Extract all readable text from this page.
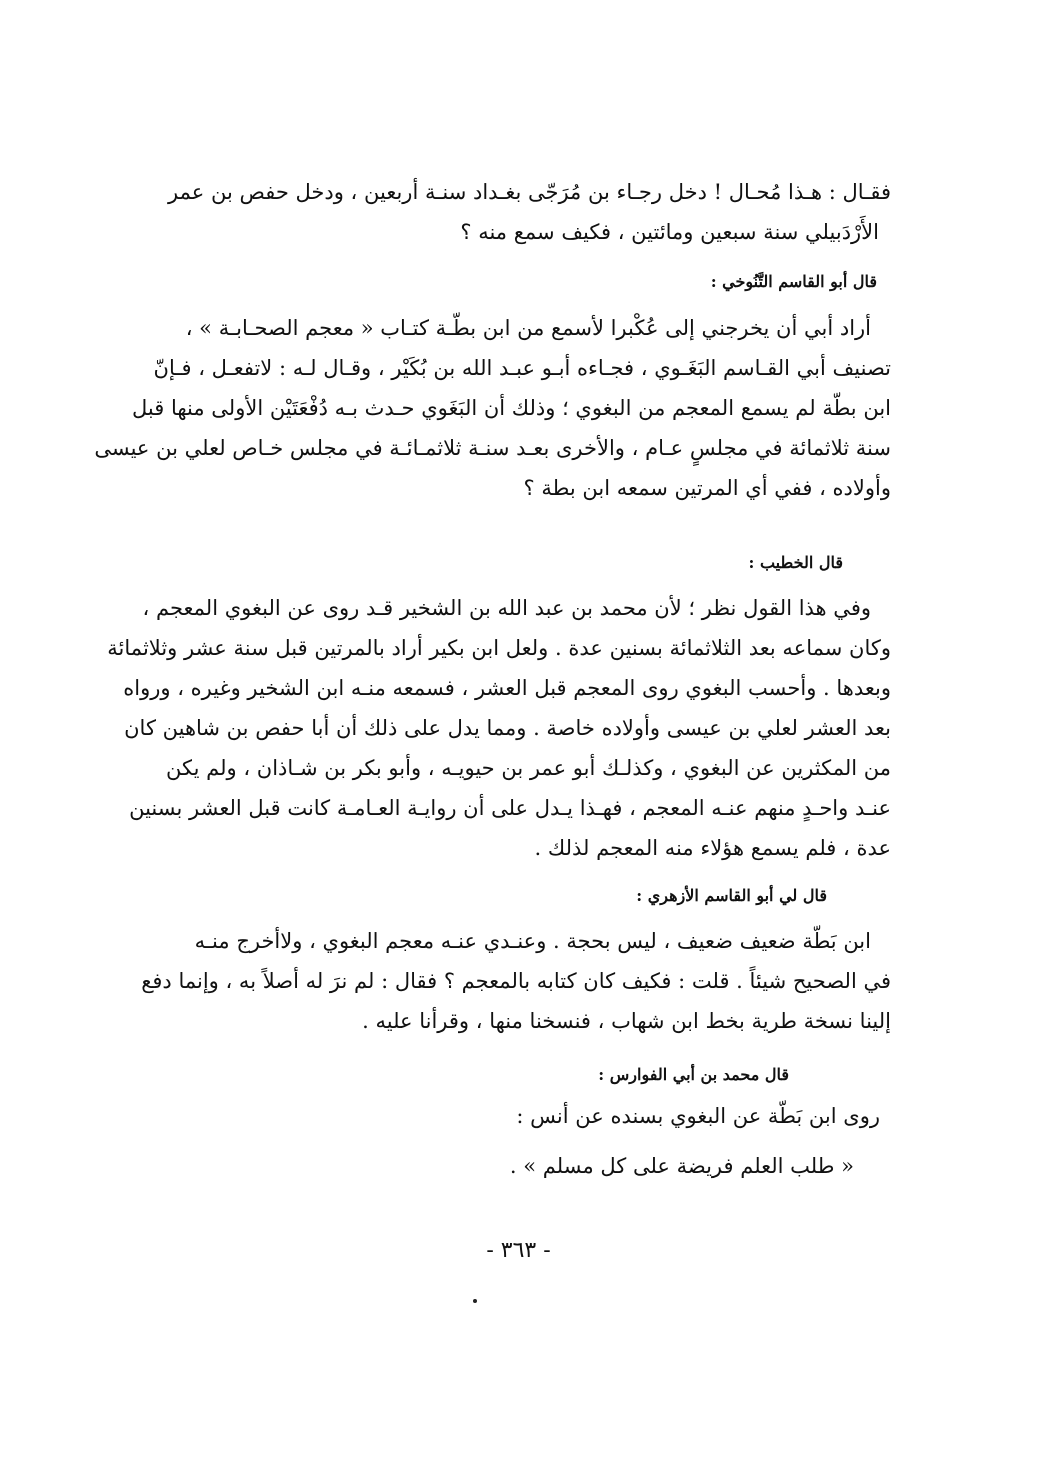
فقـال : هـذا مُحـال ! دخل رجـاء بن مُرَجّى بغـداد سنـة أربعين ، ودخل حفص بن عمر
الأَرْدَبيلي سنة سبعين ومائتين ، فكيف سمع منه ؟
قال أبو القاسم التَّنُوخي :
أراد أبي أن يخرجني إلى عُكْبرا لأسمع من ابن بطّـة كتـاب « معجم الصحـابـة » ،
تصنيف أبي القـاسم البَغَـوي ، فجـاءه أبـو عبـد الله بن بُكَيْر ، وقـال لـه : لاتفعـل ، فـإنّ
ابن بطّة لم يسمع المعجم من البغوي ؛ وذلك أن البَغَوي حـدث بـه دُفْعَتَيْن الأولى منها قبل
سنة ثلاثمائة في مجلسٍ عـام ، والأخرى بعـد سنـة ثلاثمـائـة في مجلس خـاص لعلي بن عيسى
وأولاده ، ففي أي المرتين سمعه ابن بطة ؟
قال الخطيب :
وفي هذا القول نظر ؛ لأن محمد بن عبد الله بن الشخير قـد روى عن البغوي المعجم ،
وكان سماعه بعد الثلاثمائة بسنين عدة . ولعل ابن بكير أراد بالمرتين قبل سنة عشر وثلاثمائة
وبعدها . وأحسب البغوي روى المعجم قبل العشر ، فسمعه منـه ابن الشخير وغيره ، ورواه
بعد العشر لعلي بن عيسى وأولاده خاصة . ومما يدل على ذلك أن أبا حفص بن شاهين كان
من المكثرين عن البغوي ، وكذلـك أبو عمر بن حيويـه ، وأبو بكر بن شـاذان ، ولم يكن
عنـد واحـدٍ منهم عنـه المعجم ، فهـذا يـدل على أن روايـة العـامـة كانت قبل العشر بسنين
عدة ، فلم يسمع هؤلاء منه المعجم لذلك .
قال لي أبو القاسم الأزهري :
ابن بَطّة ضعيف ضعيف ، ليس بحجة . وعنـدي عنـه معجم البغوي ، ولاأخرج منـه
في الصحيح شيئاً . قلت : فكيف كان كتابه بالمعجم ؟ فقال : لم نرَ له أصلاً به ، وإنما دفع
إلينا نسخة طرية بخط ابن شهاب ، فنسخنا منها ، وقرأنا عليه .
قال محمد بن أبي الفوارس :
روى ابن بَطّة عن البغوي بسنده عن أنس :
« طلب العلم فريضة على كل مسلم » .
- ٣٦٣ -
